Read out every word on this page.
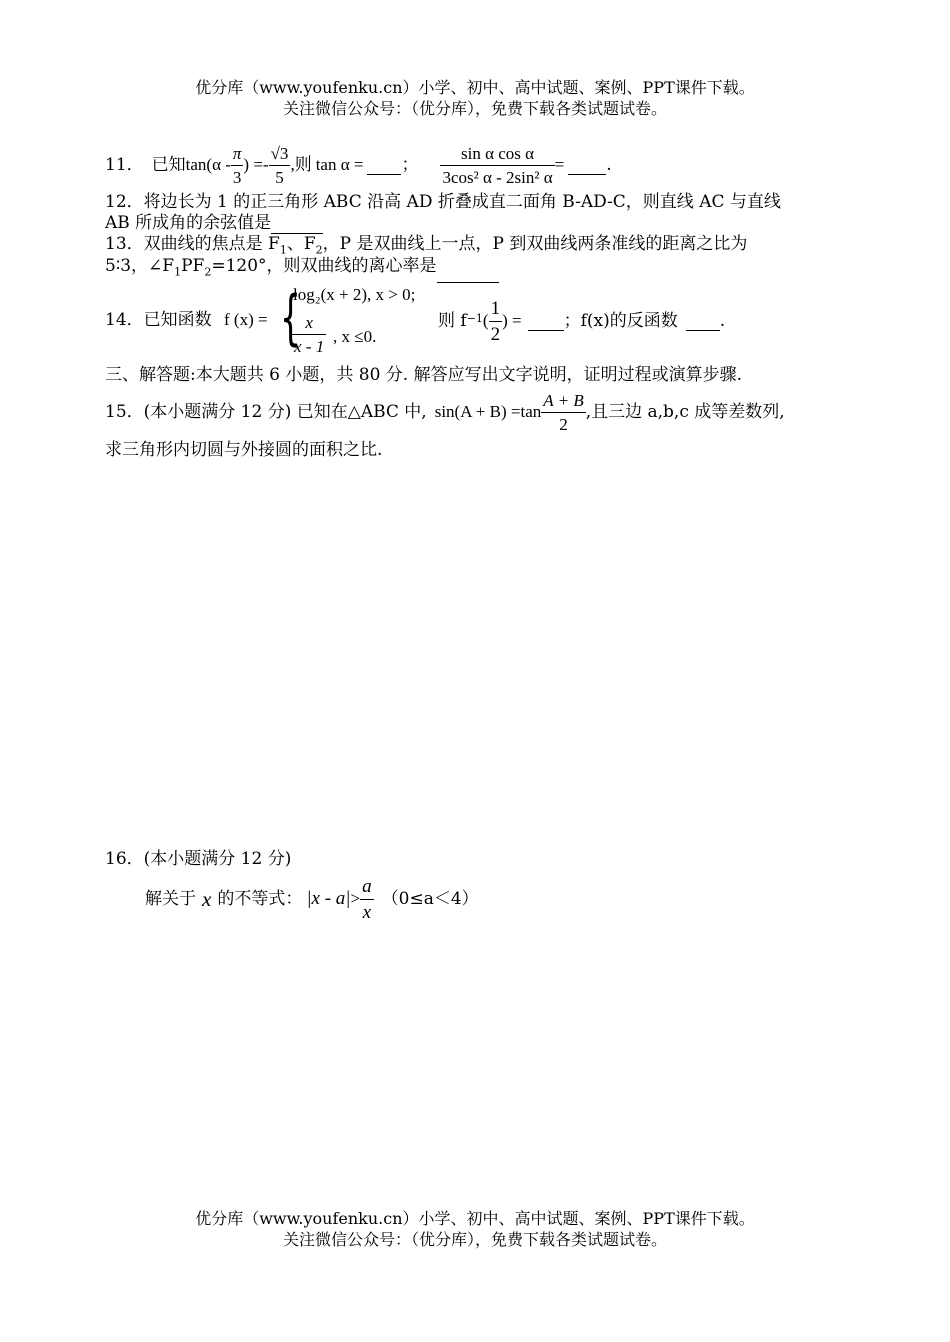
优分库（www.youfenku.cn）小学、初中、高中试题、案例、PPT课件下载。
关注微信公众号：（优分库），免费下载各类试题试卷。
11． 已知 $\tan(\alpha - \frac{\pi}{3}$ ) =- $\frac{√3}{5}$ ,则 tan α = ； $\frac{\text{sin α cos α}}{\text{3cos² α - 2sin² α}}$ = .
12．将边长为 1 的正三角形 ABC 沿高 AD 折叠成直二面角 B-AD-C，则直线 AC 与直线
AB 所成角的余弦值是
13．双曲线的焦点是 $F_1$、$F_2$，P 是双曲线上一点，P 到双曲线两条准线的距离之比为
5∶3，$\angle F_1PF_2=120^\circ$，则双曲线的离心率是
14．已知函数 f (x) = {
log₂(x + 2), x > 0;
$\frac{x}{x - 1}$ , x ≤0.
则 f −1 ( $\frac{1}{2}$ ) = ；f(x)的反函数 .
三、解答题:本大题共 6 小题，共 80 分. 解答应写出文字说明，证明过程或演算步骤.
15．(本小题满分 12 分) 已知在△ABC 中, $\sin(A + B) =\tan \frac{A + B}{2}$ ,且三边 a,b,c 成等差数列,
求三角形内切圆与外接圆的面积之比.
16．(本小题满分 12 分)
解关于 x 的不等式： $|x - a| > \frac{a}{x} (0\le a<4)$
优分库（www.youfenku.cn）小学、初中、高中试题、案例、PPT课件下载。
关注微信公众号：（优分库），免费下载各类试题试卷。
